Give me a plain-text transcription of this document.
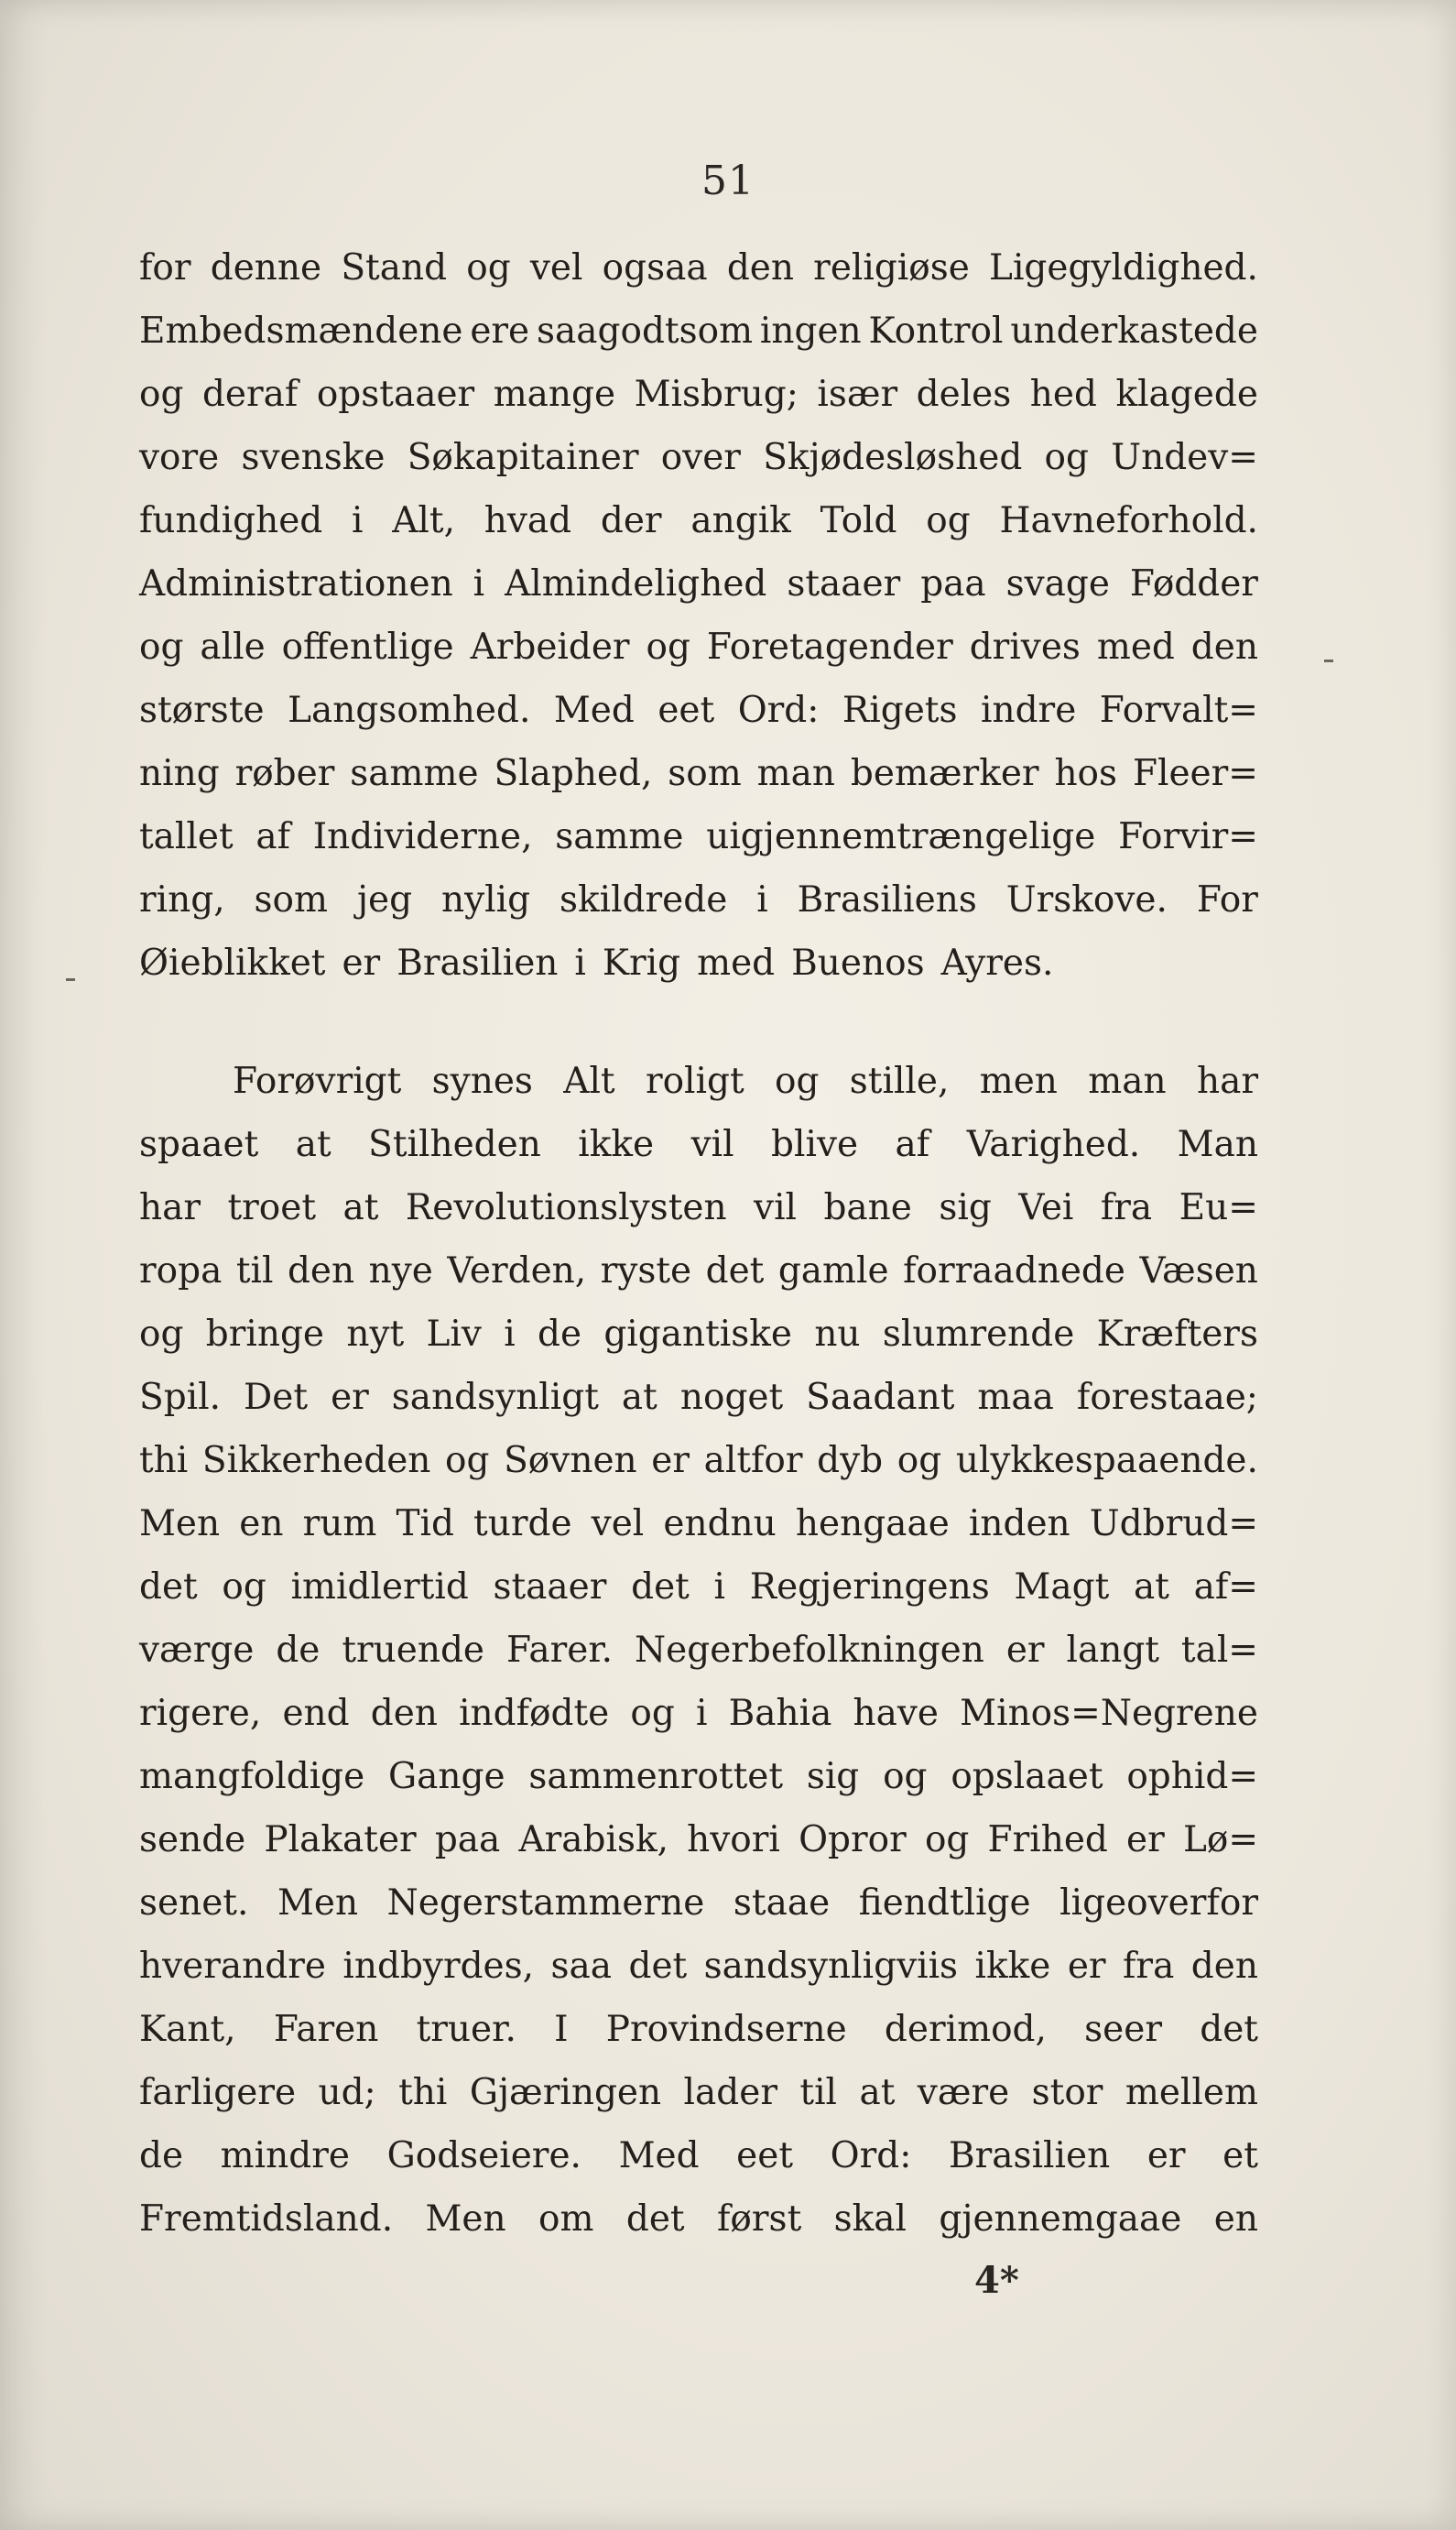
51
for denne Stand og vel ogsaa den religiøse Ligegyldighed.
Embedsmændene ere saagodtsom ingen Kontrol underkastede
og deraf opstaaer mange Misbrug; især deles hed klagede
vore svenske Søkapitainer over Skjødesløshed og Undev=
fundighed i Alt, hvad der angik Told og Havneforhold.
Administrationen i Almindelighed staaer paa svage Fødder
og alle offentlige Arbeider og Foretagender drives med den
største Langsomhed. Med eet Ord: Rigets indre Forvalt=
ning røber samme Slaphed, som man bemærker hos Fleer=
tallet af Individerne, samme uigjennemtrængelige Forvir=
ring, som jeg nylig skildrede i Brasiliens Urskove. For
Øieblikket er Brasilien i Krig med Buenos Ayres.
Forøvrigt synes Alt roligt og stille, men man har
spaaet at Stilheden ikke vil blive af Varighed. Man
har troet at Revolutionslysten vil bane sig Vei fra Eu=
ropa til den nye Verden, ryste det gamle forraadnede Væsen
og bringe nyt Liv i de gigantiske nu slumrende Kræfters
Spil. Det er sandsynligt at noget Saadant maa forestaae;
thi Sikkerheden og Søvnen er altfor dyb og ulykkespaaende.
Men en rum Tid turde vel endnu hengaae inden Udbrud=
det og imidlertid staaer det i Regjeringens Magt at af=
værge de truende Farer. Negerbefolkningen er langt tal=
rigere, end den indfødte og i Bahia have Minos=Negrene
mangfoldige Gange sammenrottet sig og opslaaet ophid=
sende Plakater paa Arabisk, hvori Opror og Frihed er Lø=
senet. Men Negerstammerne staae fiendtlige ligeoverfor
hverandre indbyrdes, saa det sandsynligviis ikke er fra den
Kant, Faren truer. I Provindserne derimod, seer det
farligere ud; thi Gjæringen lader til at være stor mellem
de mindre Godseiere. Med eet Ord: Brasilien er et
Fremtidsland. Men om det først skal gjennemgaae en
4*
